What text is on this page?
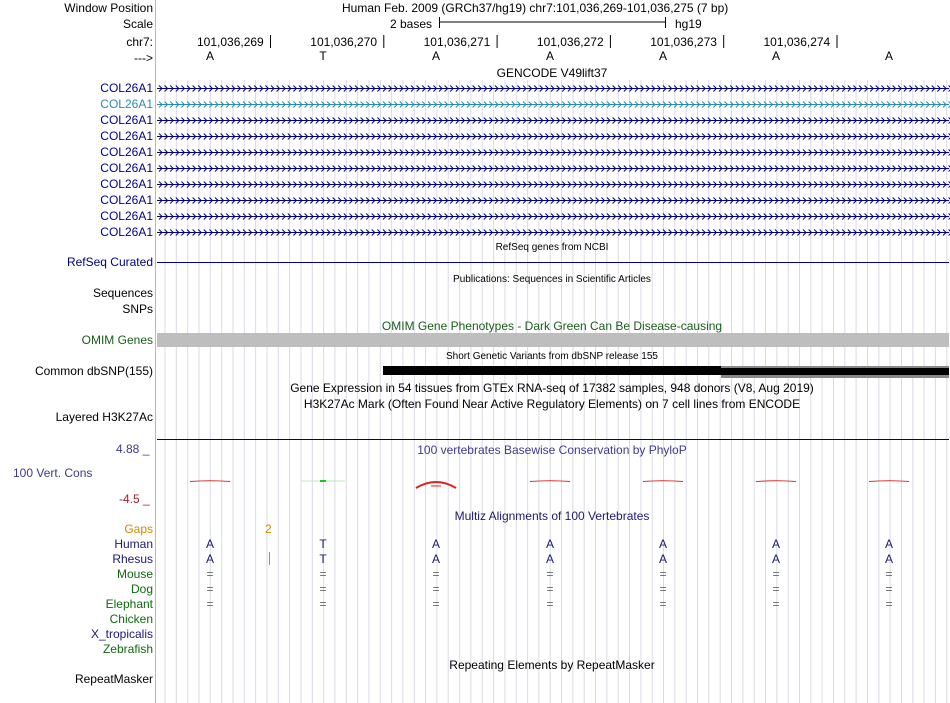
Window Position	Human Feb. 2009 (GRCh37/hg19) chr7:101,036,269-101,036,275 (7 bp)
Scale	2 bases	hg19
chr7:
--->
GENCODE V49lift37
101,036,269	101,036,270	101,036,271	101,036,272	101,036,273	101,036,274
A	T	A	A	A	A	A
COL26A1
COL26A1
COL26A1
COL26A1
COL26A1
COL26A1
COL26A1
COL26A1
COL26A1
COL26A1
RefSeq genes from NCBI
RefSeq Curated
Publications: Sequences in Scientific Articles
Sequences
SNPs
OMIM Gene Phenotypes - Dark Green Can Be Disease-causing
OMIM Genes
Short Genetic Variants from dbSNP release 155
Common dbSNP(155)
Gene Expression in 54 tissues from GTEx RNA-seq of 17382 samples, 948 donors (V8, Aug 2019)
H3K27Ac Mark (Often Found Near Active Regulatory Elements) on 7 cell lines from ENCODE
Layered H3K27Ac
100 vertebrates Basewise Conservation by PhyloP
4.88 _
100 Vert. Cons
-4.5 _
Multiz Alignments of 100 Vertebrates
Gaps	2
Human	A	T	A	A	A	A	A
Rhesus	A	T	A	A	A	A	A
Mouse	=	=	=	=	=	=	=
Dog	=	=	=	=	=	=	=
Elephant	=	=	=	=	=	=	=
Chicken
X_tropicalis
Zebrafish
Repeating Elements by RepeatMasker
RepeatMasker
